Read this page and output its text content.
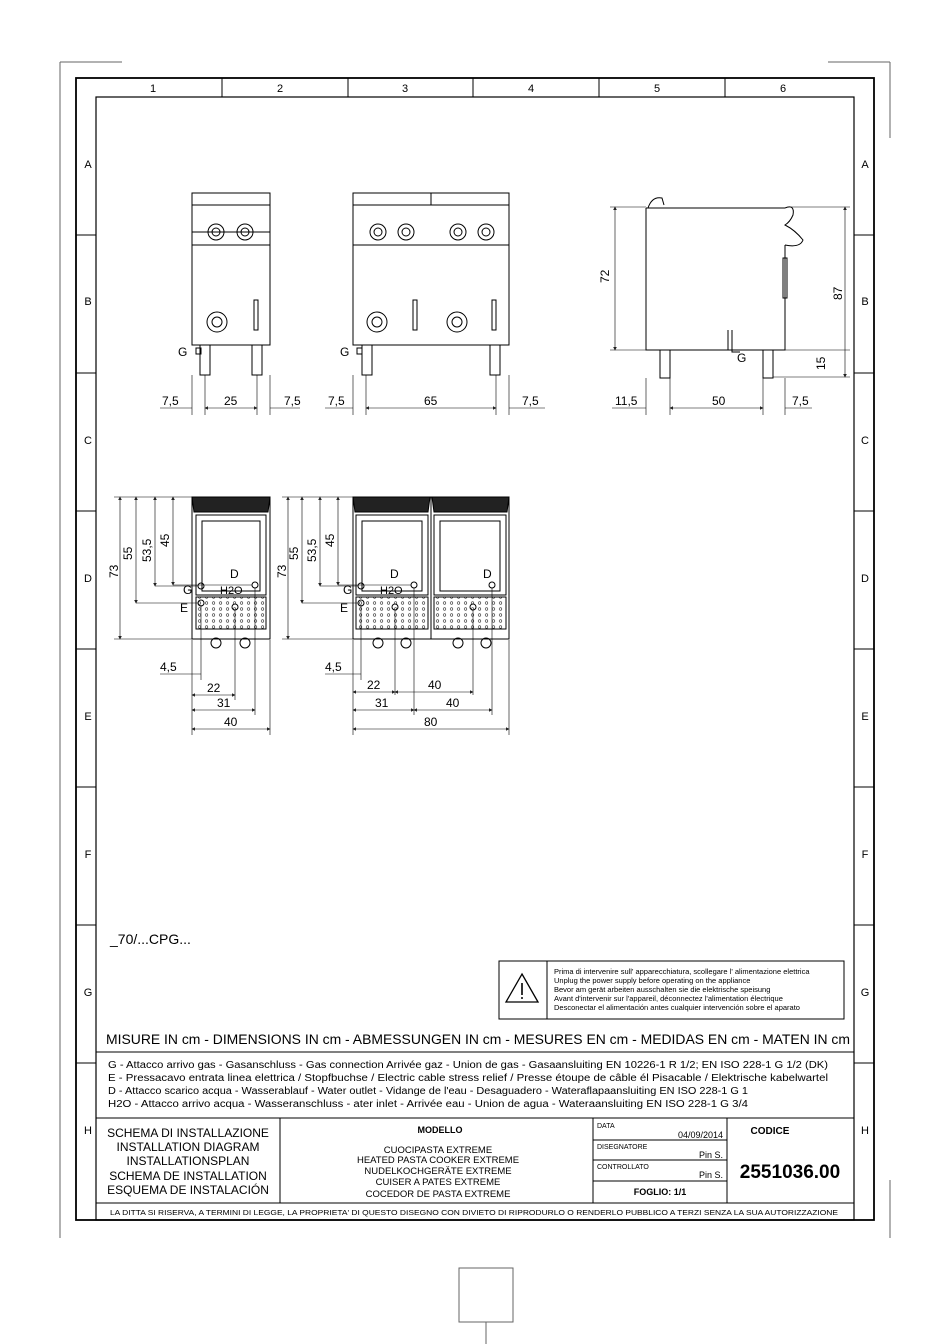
1	2	3	4	5	6
A
B
C
D
E
F
G
H
A
B
C
D
E
F
G
H
G
7,5	25	7,5
G
7,5	65	7,5
G
72
87
15
11,5	50	7,5
73
55 53,5 45
G
E
H2O
D
4,5
22
31
40
73
55 53,5 45
G
E
H2O
D	D
4,5
22	40
31	40
80
_70/...CPG...
Prima di intervenire sull' apparecchiatura, scollegare l' alimentazione elettrica
Unplug the power supply before operating on the appliance
Bevor am gerät arbeiten ausschalten sie die elektrische speisung
Avant d'intervenir sur l'appareil, déconnectez l'alimentation électrique
Desconectar el alimentación antes cualquier intervención sobre el aparato
MISURE IN cm - DIMENSIONS IN cm - ABMESSUNGEN IN cm - MESURES EN cm - MEDIDAS EN cm - MATEN IN cm
G - Attacco arrivo gas - Gasanschluss - Gas connection Arrivée gaz - Union de gas - Gasaansluiting EN 10226-1 R 1/2; EN ISO 228-1 G 1/2 (DK)
E - Pressacavo entrata linea elettrica / Stopfbuchse / Electric cable stress relief / Presse étoupe de câble él Pisacable / Elektrische kabelwartel
D - Attacco scarico acqua - Wasserablauf - Water outlet - Vidange de l'eau - Desaguadero - Wateraflapaansluiting EN ISO 228-1 G 1
H2O - Attacco arrivo acqua - Wasseranschluss - ater inlet - Arrivée eau - Union de agua - Wateraansluiting EN ISO 228-1 G 3/4
SCHEMA DI INSTALLAZIONE
INSTALLATION DIAGRAM
INSTALLATIONSPLAN
SCHEMA DE INSTALLATION
ESQUEMA DE INSTALACIÓN
MODELLO
CUOCIPASTA EXTREME
HEATED PASTA COOKER EXTREME
NUDELKOCHGERÄTE EXTREME
CUISER A PATES EXTREME
COCEDOR DE PASTA EXTREME
DATA
04/09/2014
DISEGNATORE
Pin S.
CONTROLLATO
Pin S.
FOGLIO: 1/1
CODICE
2551036.00
LA DITTA SI RISERVA, A TERMINI DI LEGGE, LA PROPRIETA' DI QUESTO DISEGNO CON DIVIETO DI RIPRODURLO O RENDERLO PUBBLICO A TERZI SENZA LA SUA AUTORIZZAZIONE
